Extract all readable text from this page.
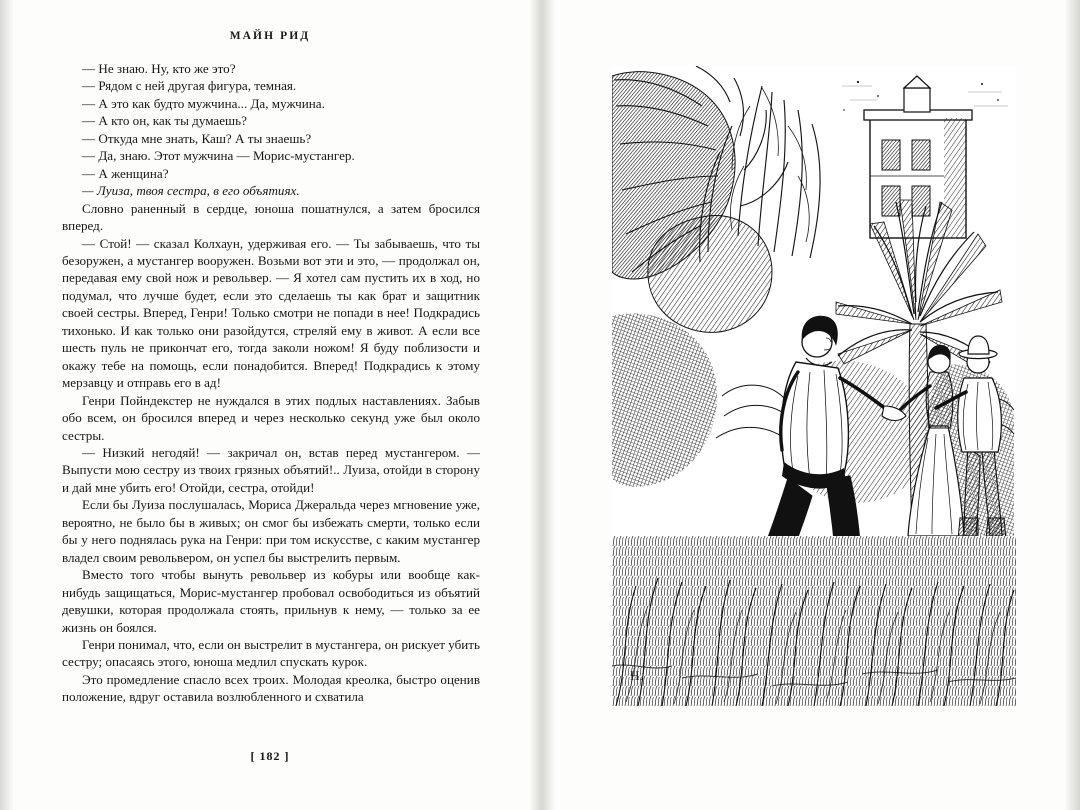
МАЙН РИД

— Не знаю. Ну, кто же это?

— Рядом с ней другая фигура, темная.

— А это как будто мужчина... Да, мужчина.

— А кто он, как ты думаешь?

— Откуда мне знать, Каш? А ты знаешь?

— Да, знаю. Этот мужчина — Морис-мустангер.

— А женщина?

— Луиза, твоя сестра, в его объятиях.

Словно раненный в сердце, юноша пошатнулся, а затем бросился вперед.

— Стой! — сказал Колхаун, удерживая его. — Ты забываешь, что ты безоружен, а мустангер вооружен. Возьми вот эти и это, — продолжал он, передавая ему свой нож и револьвер. — Я хотел сам пустить их в ход, но подумал, что лучше будет, если это сделаешь ты как брат и защитник своей сестры. Вперед, Генри! Только смотри не попади в нее! Подкрадись тихонько. И как только они разойдутся, стреляй ему в живот. А если все шесть пуль не прикончат его, тогда заколи ножом! Я буду поблизости и окажу тебе на помощь, если понадобится. Вперед! Подкрадись к этому мерзавцу и отправь его в ад!

Генри Пойндекстер не нуждался в этих подлых наставлениях. Забыв обо всем, он бросился вперед и через несколько секунд уже был около сестры.

— Низкий негодяй! — закричал он, встав перед мустангером. — Выпусти мою сестру из твоих грязных объятий!.. Луиза, отойди в сторону и дай мне убить его! Отойди, сестра, отойди!

Если бы Луиза послушалась, Мориса Джеральда через мгновение уже, вероятно, не было бы в живых; он смог бы избежать смерти, только если бы у него поднялась рука на Генри: при том искусстве, с каким мустангер владел своим револьвером, он успел бы выстрелить первым.

Вместо того чтобы вынуть револьвер из кобуры или вообще как-нибудь защищаться, Морис-мустангер пробовал освободиться из объятий девушки, которая продолжала стоять, прильнув к нему, — только за ее жизнь он боялся.

Генри понимал, что, если он выстрелит в мустангера, он рискует убить сестру; опасаясь этого, юноша медлил спускать курок.

Это промедление спасло всех троих. Молодая креолка, быстро оценив положение, вдруг оставила возлюбленного и схватила

[ 182 ]
Н.
